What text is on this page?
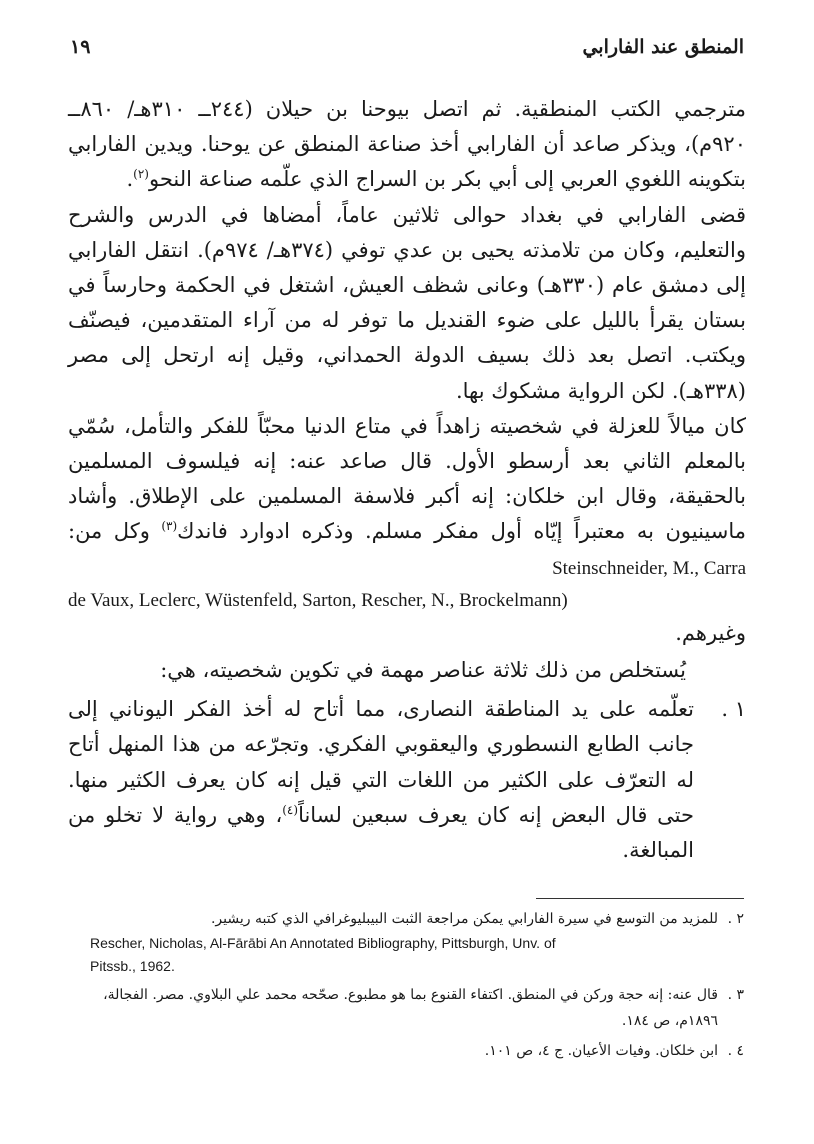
المنطق عند الفارابي
١٩

مترجمي الكتب المنطقية. ثم اتصل بيوحنا بن حيلان (٢٤٤ــ ٣١٠هـ/ ٨٦٠ــ ٩٢٠م)، ويذكر صاعد أن الفارابي أخذ صناعة المنطق عن يوحنا. ويدين الفارابي بتكوينه اللغوي العربي إلى أبي بكر بن السراج الذي علّمه صناعة النحو$^{(٢)}$.

قضى الفارابي في بغداد حوالى ثلاثين عاماً، أمضاها في الدرس والشرح والتعليم، وكان من تلامذته يحيى بن عدي توفي (٣٧٤هـ/ ٩٧٤م). انتقل الفارابي إلى دمشق عام (٣٣٠هـ) وعانى شظف العيش، اشتغل في الحكمة وحارساً في بستان يقرأ بالليل على ضوء القنديل ما توفر له من آراء المتقدمين، فيصنّف ويكتب. اتصل بعد ذلك بسيف الدولة الحمداني، وقيل إنه ارتحل إلى مصر (٣٣٨هـ). لكن الرواية مشكوك بها.

كان ميالاً للعزلة في شخصيته زاهداً في متاع الدنيا محبّاً للفكر والتأمل، سُمّي بالمعلم الثاني بعد أرسطو الأول. قال صاعد عنه: إنه فيلسوف المسلمين بالحقيقة، وقال ابن خلكان: إنه أكبر فلاسفة المسلمين على الإطلاق. وأشاد ماسينيون به معتبراً إيّاه أول مفكر مسلم. وذكره ادوارد فاندك$^{(٣)}$ وكل من: Steinschneider, M., Carra

de Vaux, Leclerc, Wüstenfeld, Sarton, Rescher, N., Brockelmann)

وغيرهم.

يُستخلص من ذلك ثلاثة عناصر مهمة في تكوين شخصيته، هي:

١ .
تعلّمه على يد المناطقة النصارى، مما أتاح له أخذ الفكر اليوناني إلى جانب الطابع النسطوري واليعقوبي الفكري. وتجرّعه من هذا المنهل أتاح له التعرّف على الكثير من اللغات التي قيل إنه كان يعرف الكثير منها. حتى قال البعض إنه كان يعرف سبعين لساناً$^{(٤)}$، وهي رواية لا تخلو من المبالغة.
٢ .
للمزيد من التوسع في سيرة الفارابي يمكن مراجعة الثبت البيبليوغرافي الذي كتبه ريشير.
Rescher, Nicholas, Al-Fārābi An Annotated Bibliography, Pittsburgh, Unv. of
Pitssb., 1962.
٣ .
قال عنه: إنه حجة وركن في المنطق. اكتفاء القنوع بما هو مطبوع. صحّحه محمد علي البلاوي. مصر. الفجالة، ١٨٩٦م، ص ١٨٤.
٤ .
ابن خلكان. وفيات الأعيان. ج ٤، ص ١٠١.
